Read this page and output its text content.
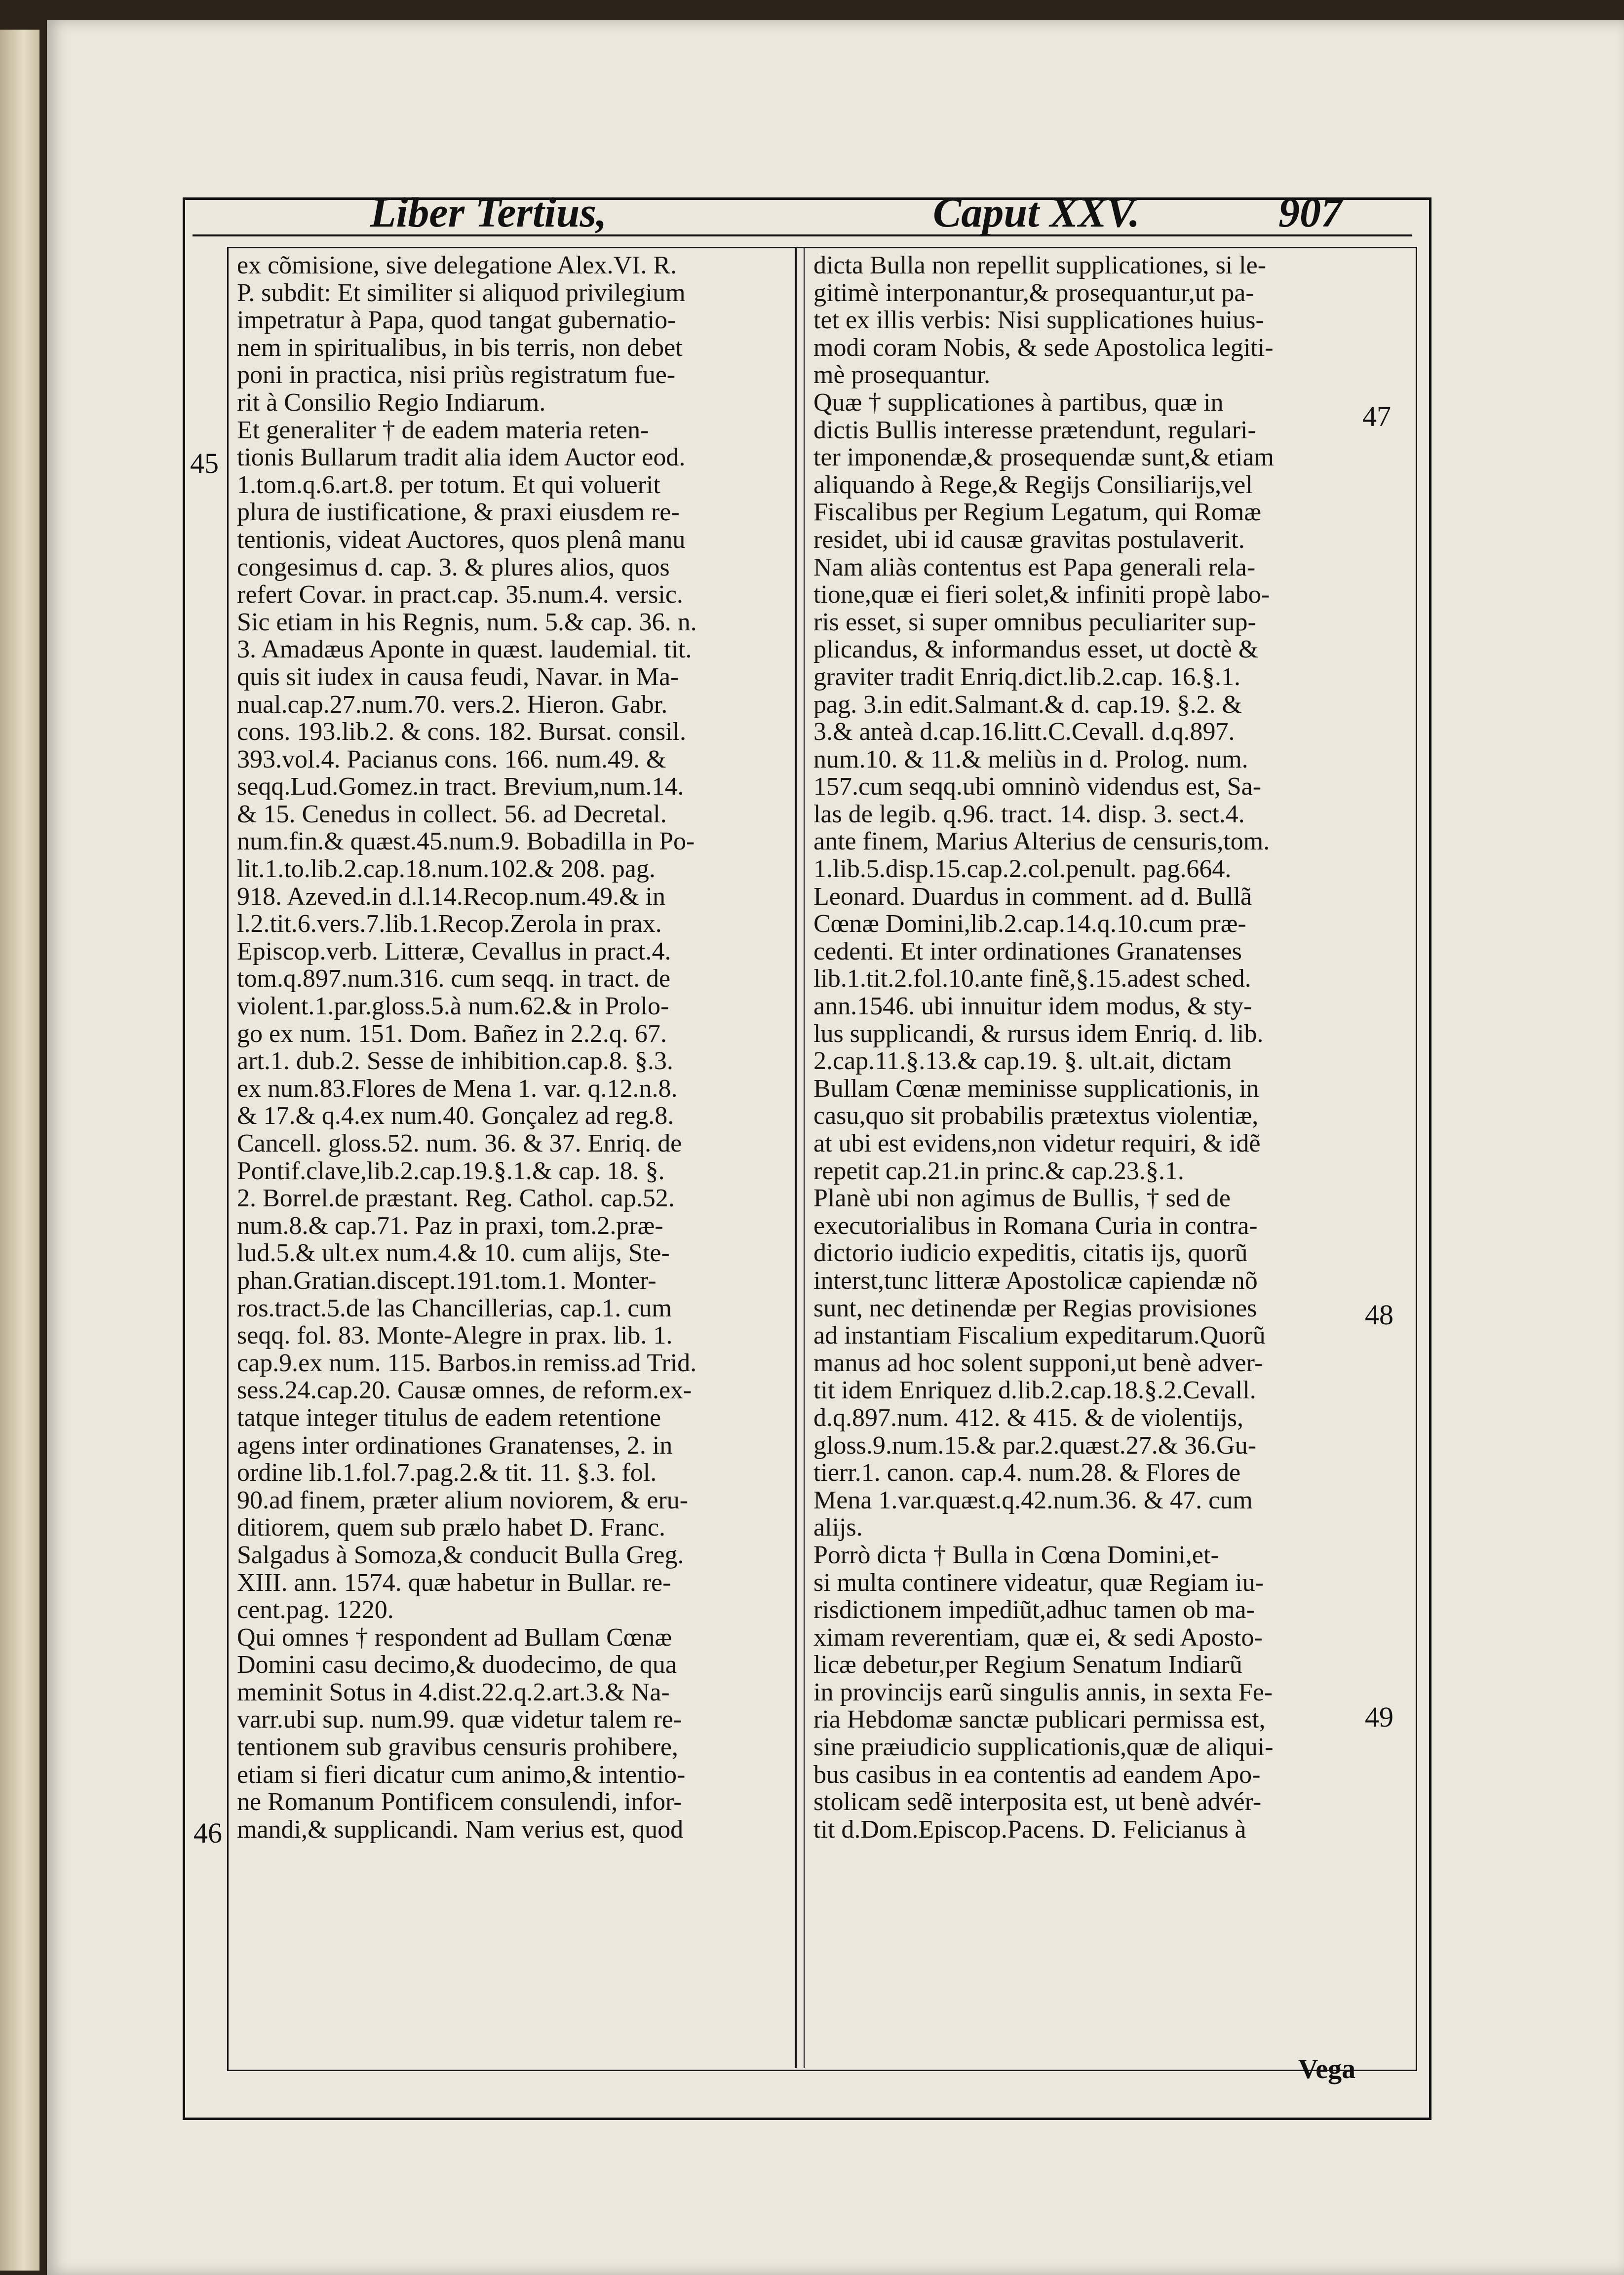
Liber Tertius,	Caput XXV.	907
45
46
47
48
49
ex cõmisione, sive delegatione Alex.VI. R.
P. subdit: Et similiter si aliquod privilegium
impetratur à Papa, quod tangat gubernatio-
nem in spiritualibus, in bis terris, non debet
poni in practica, nisi priùs registratum fue-
rit à Consilio Regio Indiarum.
Et generaliter † de eadem materia reten-
tionis Bullarum tradit alia idem Auctor eod.
1.tom.q.6.art.8. per totum. Et qui voluerit
plura de iustificatione, & praxi eiusdem re-
tentionis, videat Auctores, quos plenâ manu
congesimus d. cap. 3. & plures alios, quos
refert Covar. in pract.cap. 35.num.4. versic.
Sic etiam in his Regnis, num. 5.& cap. 36. n.
3. Amadæus Aponte in quæst. laudemial. tit.
quis sit iudex in causa feudi, Navar. in Ma-
nual.cap.27.num.70. vers.2. Hieron. Gabr.
cons. 193.lib.2. & cons. 182. Bursat. consil.
393.vol.4. Pacianus cons. 166. num.49. &
seqq.Lud.Gomez.in tract. Brevium,num.14.
& 15. Cenedus in collect. 56. ad Decretal.
num.fin.& quæst.45.num.9. Bobadilla in Po-
lit.1.to.lib.2.cap.18.num.102.& 208. pag.
918. Azeved.in d.l.14.Recop.num.49.& in
l.2.tit.6.vers.7.lib.1.Recop.Zerola in prax.
Episcop.verb. Litteræ, Cevallus in pract.4.
tom.q.897.num.316. cum seqq. in tract. de
violent.1.par.gloss.5.à num.62.& in Prolo-
go ex num. 151. Dom. Bañez in 2.2.q. 67.
art.1. dub.2. Sesse de inhibition.cap.8. §.3.
ex num.83.Flores de Mena 1. var. q.12.n.8.
& 17.& q.4.ex num.40. Gonçalez ad reg.8.
Cancell. gloss.52. num. 36. & 37. Enriq. de
Pontif.clave,lib.2.cap.19.§.1.& cap. 18. §.
2. Borrel.de præstant. Reg. Cathol. cap.52.
num.8.& cap.71. Paz in praxi, tom.2.præ-
lud.5.& ult.ex num.4.& 10. cum alijs, Ste-
phan.Gratian.discept.191.tom.1. Monter-
ros.tract.5.de las Chancillerias, cap.1. cum
seqq. fol. 83. Monte-Alegre in prax. lib. 1.
cap.9.ex num. 115. Barbos.in remiss.ad Trid.
sess.24.cap.20. Causæ omnes, de reform.ex-
tatque integer titulus de eadem retentione
agens inter ordinationes Granatenses, 2. in
ordine lib.1.fol.7.pag.2.& tit. 11. §.3. fol.
90.ad finem, præter alium noviorem, & eru-
ditiorem, quem sub prælo habet D. Franc.
Salgadus à Somoza,& conducit Bulla Greg.
XIII. ann. 1574. quæ habetur in Bullar. re-
cent.pag. 1220.
Qui omnes † respondent ad Bullam Cœnæ
Domini casu decimo,& duodecimo, de qua
meminit Sotus in 4.dist.22.q.2.art.3.& Na-
varr.ubi sup. num.99. quæ videtur talem re-
tentionem sub gravibus censuris prohibere,
etiam si fieri dicatur cum animo,& intentio-
ne Romanum Pontificem consulendi, infor-
mandi,& supplicandi. Nam verius est, quod
dicta Bulla non repellit supplicationes, si le-
gitimè interponantur,& prosequantur,ut pa-
tet ex illis verbis: Nisi supplicationes huius-
modi coram Nobis, & sede Apostolica legiti-
mè prosequantur.
Quæ † supplicationes à partibus, quæ in
dictis Bullis interesse prætendunt, regulari-
ter imponendæ,& prosequendæ sunt,& etiam
aliquando à Rege,& Regijs Consiliarijs,vel
Fiscalibus per Regium Legatum, qui Romæ
residet, ubi id causæ gravitas postulaverit.
Nam aliàs contentus est Papa generali rela-
tione,quæ ei fieri solet,& infiniti propè labo-
ris esset, si super omnibus peculiariter sup-
plicandus, & informandus esset, ut doctè &
graviter tradit Enriq.dict.lib.2.cap. 16.§.1.
pag. 3.in edit.Salmant.& d. cap.19. §.2. &
3.& anteà d.cap.16.litt.C.Cevall. d.q.897.
num.10. & 11.& meliùs in d. Prolog. num.
157.cum seqq.ubi omninò videndus est, Sa-
las de legib. q.96. tract. 14. disp. 3. sect.4.
ante finem, Marius Alterius de censuris,tom.
1.lib.5.disp.15.cap.2.col.penult. pag.664.
Leonard. Duardus in comment. ad d. Bullã
Cœnæ Domini,lib.2.cap.14.q.10.cum præ-
cedenti. Et inter ordinationes Granatenses
lib.1.tit.2.fol.10.ante finẽ,§.15.adest sched.
ann.1546. ubi innuitur idem modus, & sty-
lus supplicandi, & rursus idem Enriq. d. lib.
2.cap.11.§.13.& cap.19. §. ult.ait, dictam
Bullam Cœnæ meminisse supplicationis, in
casu,quo sit probabilis prætextus violentiæ,
at ubi est evidens,non videtur requiri, & idẽ
repetit cap.21.in princ.& cap.23.§.1.
Planè ubi non agimus de Bullis, † sed de
executorialibus in Romana Curia in contra-
dictorio iudicio expeditis, citatis ijs, quorũ
interst,tunc litteræ Apostolicæ capiendæ nõ
sunt, nec detinendæ per Regias provisiones
ad instantiam Fiscalium expeditarum.Quorũ
manus ad hoc solent supponi,ut benè adver-
tit idem Enriquez d.lib.2.cap.18.§.2.Cevall.
d.q.897.num. 412. & 415. & de violentijs,
gloss.9.num.15.& par.2.quæst.27.& 36.Gu-
tierr.1. canon. cap.4. num.28. & Flores de
Mena 1.var.quæst.q.42.num.36. & 47. cum
alijs.
Porrò dicta † Bulla in Cœna Domini,et-
si multa continere videatur, quæ Regiam iu-
risdictionem impediũt,adhuc tamen ob ma-
ximam reverentiam, quæ ei, & sedi Aposto-
licæ debetur,per Regium Senatum Indiarũ
in provincijs earũ singulis annis, in sexta Fe-
ria Hebdomæ sanctæ publicari permissa est,
sine præiudicio supplicationis,quæ de aliqui-
bus casibus in ea contentis ad eandem Apo-
stolicam sedẽ interposita est, ut benè advér-
tit d.Dom.Episcop.Pacens. D. Felicianus à
Vega
